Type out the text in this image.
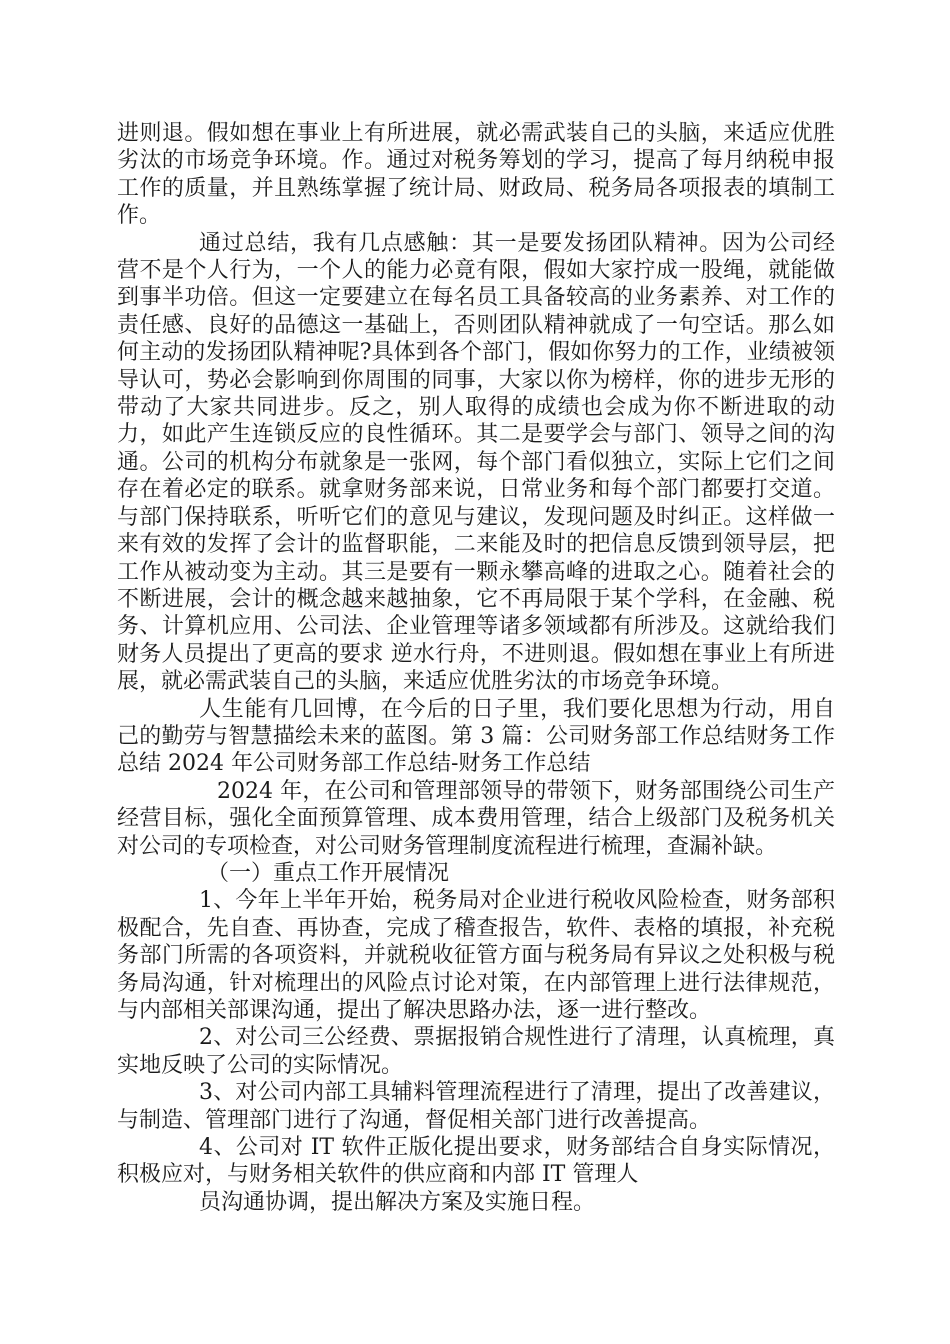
进则退。假如想在事业上有所进展，就必需武装自己的头脑，来适应优胜劣汰的市场竞争环境。作。通过对税务筹划的学习，提高了每月纳税申报工作的质量，并且熟练掌握了统计局、财政局、税务局各项报表的填制工作。

通过总结，我有几点感触：其一是要发扬团队精神。因为公司经营不是个人行为，一个人的能力必竟有限，假如大家拧成一股绳，就能做到事半功倍。但这一定要建立在每名员工具备较高的业务素养、对工作的责任感、良好的品德这一基础上，否则团队精神就成了一句空话。那么如何主动的发扬团队精神呢?具体到各个部门，假如你努力的工作，业绩被领导认可，势必会影响到你周围的同事，大家以你为榜样，你的进步无形的带动了大家共同进步。反之，别人取得的成绩也会成为你不断进取的动力，如此产生连锁反应的良性循环。其二是要学会与部门、领导之间的沟通。公司的机构分布就象是一张网，每个部门看似独立，实际上它们之间存在着必定的联系。就拿财务部来说，日常业务和每个部门都要打交道。与部门保持联系，听听它们的意见与建议，发现问题及时纠正。这样做一来有效的发挥了会计的监督职能，二来能及时的把信息反馈到领导层，把工作从被动变为主动。其三是要有一颗永攀高峰的进取之心。随着社会的不断进展，会计的概念越来越抽象，它不再局限于某个学科，在金融、税务、计算机应用、公司法、企业管理等诸多领域都有所涉及。这就给我们财务人员提出了更高的要求 逆水行舟，不进则退。假如想在事业上有所进展，就必需武装自己的头脑，来适应优胜劣汰的市场竞争环境。

人生能有几回博，在今后的日子里，我们要化思想为行动，用自己的勤劳与智慧描绘未来的蓝图。第 3 篇：公司财务部工作总结财务工作总结 2024 年公司财务部工作总结-财务工作总结

2024 年，在公司和管理部领导的带领下，财务部围绕公司生产经营目标，强化全面预算管理、成本费用管理，结合上级部门及税务机关对公司的专项检查，对公司财务管理制度流程进行梳理，查漏补缺。

（一）重点工作开展情况

1、今年上半年开始，税务局对企业进行税收风险检查，财务部积极配合，先自查、再协查，完成了稽查报告，软件、表格的填报，补充税务部门所需的各项资料，并就税收征管方面与税务局有异议之处积极与税务局沟通，针对梳理出的风险点讨论对策，在内部管理上进行法律规范，与内部相关部课沟通，提出了解决思路办法，逐一进行整改。

2、对公司三公经费、票据报销合规性进行了清理，认真梳理，真实地反映了公司的实际情况。

3、对公司内部工具辅料管理流程进行了清理，提出了改善建议，与制造、管理部门进行了沟通，督促相关部门进行改善提高。

4、公司对 IT 软件正版化提出要求，财务部结合自身实际情况，积极应对，与财务相关软件的供应商和内部 IT 管理人

员沟通协调，提出解决方案及实施日程。
